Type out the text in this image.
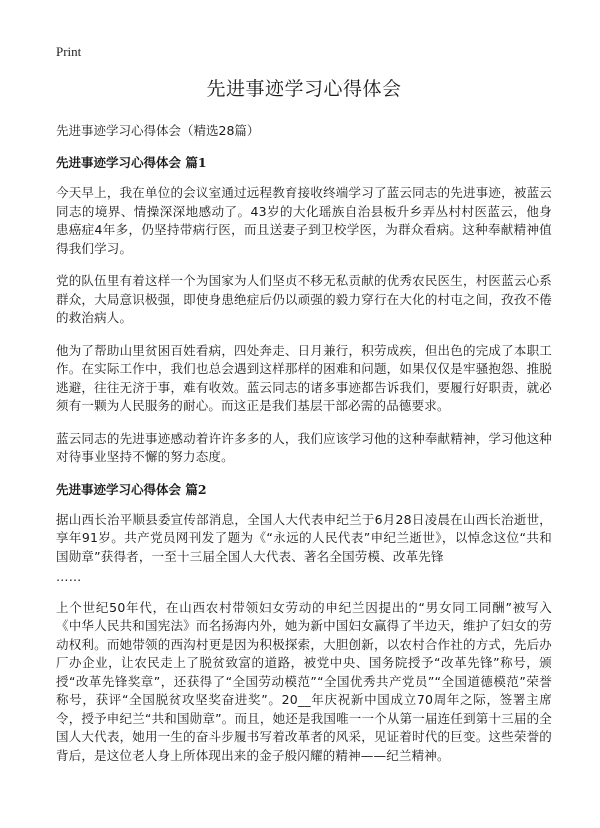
Print
先进事迹学习心得体会
先进事迹学习心得体会（精选28篇）
先进事迹学习心得体会 篇1

今天早上，我在单位的会议室通过远程教育接收终端学习了蓝云同志的先进事迹，被蓝云同志的境界、情操深深地感动了。43岁的大化瑶族自治县板升乡弄丛村村医蓝云，他身患癌症4年多，仍坚持带病行医，而且送妻子到卫校学医，为群众看病。这种奉献精神值得我们学习。

党的队伍里有着这样一个为国家为人们坚贞不移无私贡献的优秀农民医生，村医蓝云心系群众，大局意识极强，即使身患绝症后仍以顽强的毅力穿行在大化的村屯之间，孜孜不倦的救治病人。

他为了帮助山里贫困百姓看病，四处奔走、日月兼行，积劳成疾，但出色的完成了本职工作。在实际工作中，我们也总会遇到这样那样的困难和问题，如果仅仅是牢骚抱怨、推脱逃避，往往无济于事，难有收效。蓝云同志的诸多事迹都告诉我们，要履行好职责，就必须有一颗为人民服务的耐心。而这正是我们基层干部必需的品德要求。

蓝云同志的先进事迹感动着许许多多的人，我们应该学习他的这种奉献精神，学习他这种对待事业坚持不懈的努力态度。

先进事迹学习心得体会 篇2

据山西长治平顺县委宣传部消息，全国人大代表申纪兰于6月28日凌晨在山西长治逝世，享年91岁。共产党员网刊发了题为《“永远的人民代表”申纪兰逝世》，以悼念这位“共和国勋章”获得者，一至十三届全国人大代表、著名全国劳模、改革先锋

……

上个世纪50年代，在山西农村带领妇女劳动的申纪兰因提出的“男女同工同酬”被写入《中华人民共和国宪法》而名扬海内外，她为新中国妇女赢得了半边天，维护了妇女的劳动权利。而她带领的西沟村更是因为积极探索，大胆创新，以农村合作社的方式，先后办厂办企业，让农民走上了脱贫致富的道路，被党中央、国务院授予“改革先锋”称号，颁授“改革先锋奖章”，还获得了“全国劳动模范”“全国优秀共产党员”“全国道德模范”荣誉称号，获评“全国脱贫攻坚奖奋进奖”。20__年庆祝新中国成立70周年之际，签署主席令，授予申纪兰“共和国勋章”。而且，她还是我国唯一一个从第一届连任到第十三届的全国人大代表，她用一生的奋斗步履书写着改革者的风采，见证着时代的巨变。这些荣誉的背后，是这位老人身上所体现出来的金子般闪耀的精神——纪兰精神。
